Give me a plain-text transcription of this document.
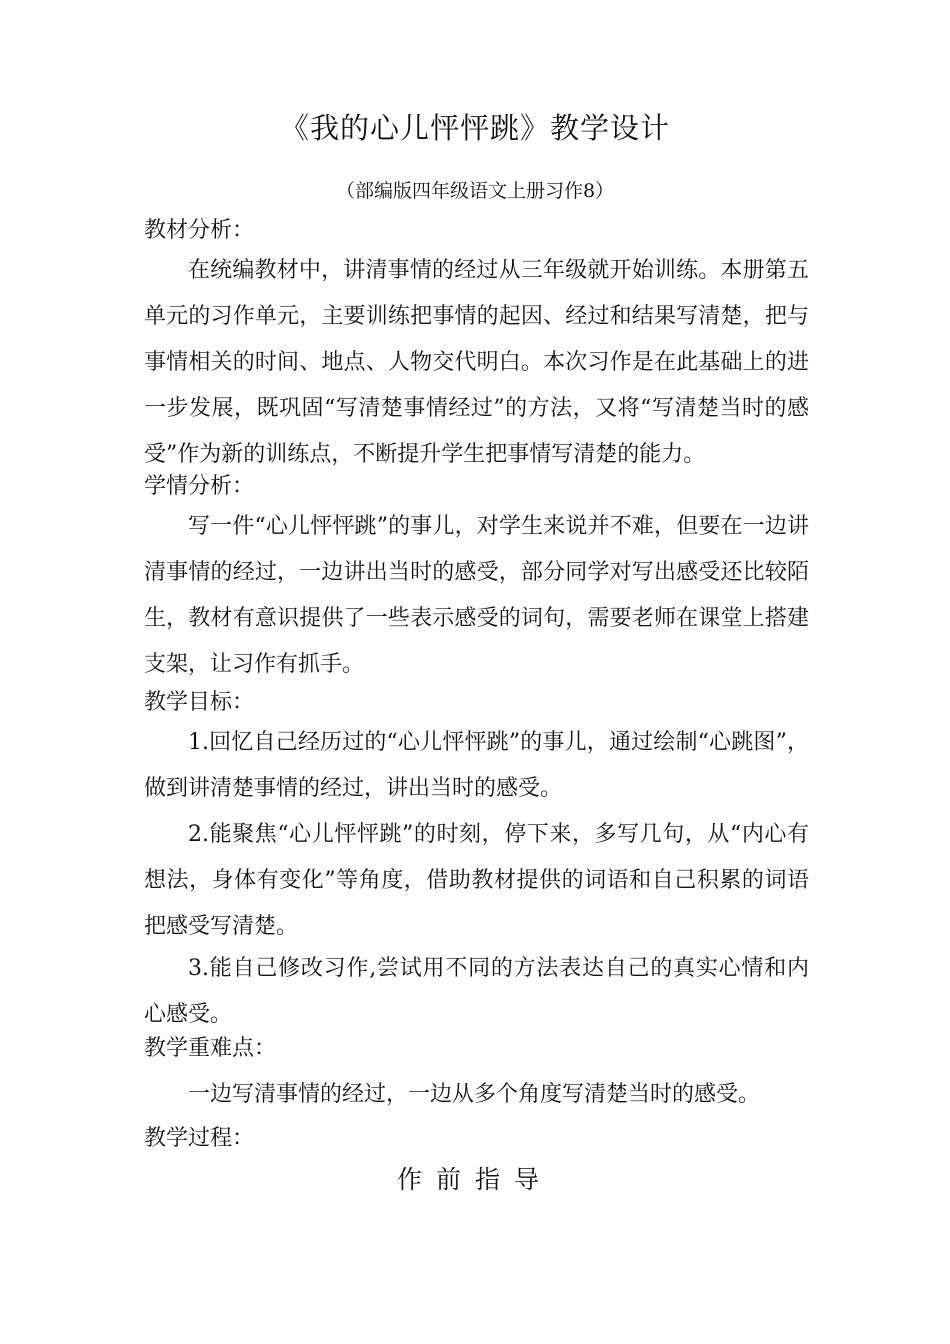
《我的心儿怦怦跳》教学设计
（部编版四年级语文上册习作8）
教材分析：
在统编教材中，讲清事情的经过从三年级就开始训练。本册第五单元的习作单元，主要训练把事情的起因、经过和结果写清楚，把与事情相关的时间、地点、人物交代明白。本次习作是在此基础上的进一步发展，既巩固“写清楚事情经过”的方法，又将“写清楚当时的感受”作为新的训练点，不断提升学生把事情写清楚的能力。
学情分析：
写一件“心儿怦怦跳”的事儿，对学生来说并不难，但要在一边讲清事情的经过，一边讲出当时的感受，部分同学对写出感受还比较陌生，教材有意识提供了一些表示感受的词句，需要老师在课堂上搭建支架，让习作有抓手。
教学目标：
1.回忆自己经历过的“心儿怦怦跳”的事儿，通过绘制“心跳图”，做到讲清楚事情的经过，讲出当时的感受。
2.能聚焦“心儿怦怦跳”的时刻，停下来，多写几句，从“内心有想法，身体有变化”等角度，借助教材提供的词语和自己积累的词语把感受写清楚。
3.能自己修改习作,尝试用不同的方法表达自己的真实心情和内心感受。
教学重难点：
一边写清事情的经过，一边从多个角度写清楚当时的感受。
教学过程：
作前指导
